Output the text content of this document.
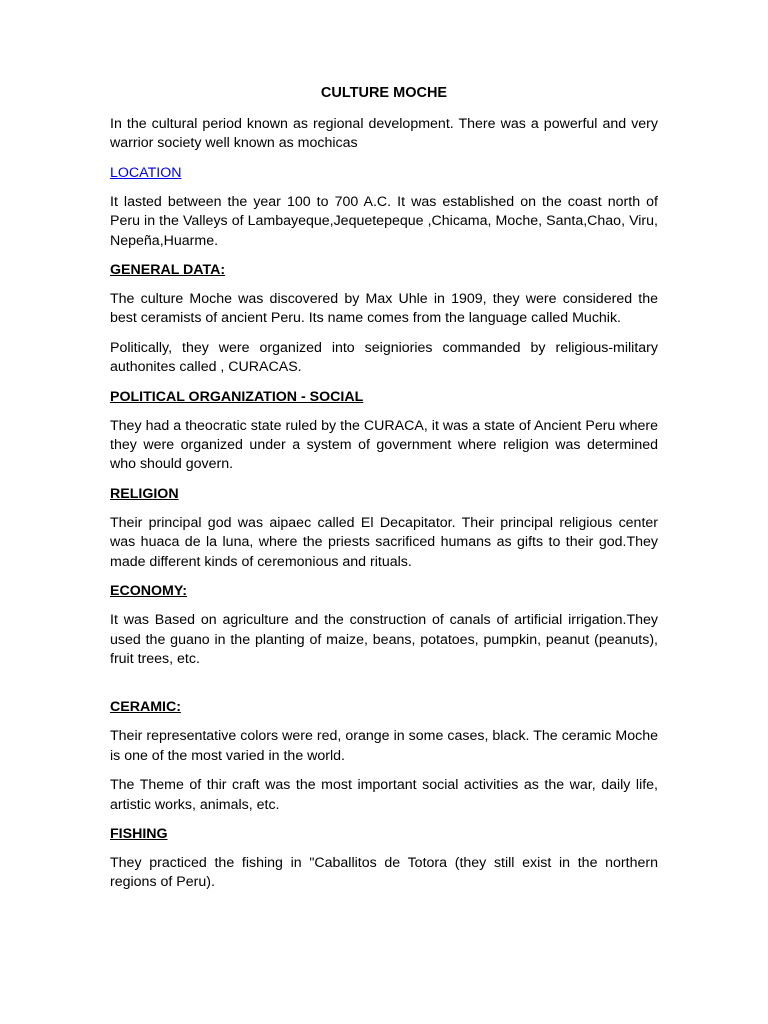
CULTURE MOCHE

In the cultural period known as regional development. There was a powerful and very warrior society well known as mochicas

LOCATION

It lasted between the year 100 to 700 A.C. It was established on the coast north of Peru in the Valleys of Lambayeque,Jequetepeque ,Chicama, Moche, Santa,Chao, Viru, Nepeña,Huarme.

GENERAL DATA:

The culture Moche was discovered by Max Uhle in 1909, they were considered the best ceramists of ancient Peru. Its name comes from the language called Muchik.

Politically, they were organized into seigniories commanded by religious-military authonites called , CURACAS.

POLITICAL ORGANIZATION - SOCIAL

They had a theocratic state ruled by the CURACA, it was a state of Ancient Peru where they were organized under a system of government where religion was determined who should govern.

RELIGION

Their principal god was aipaec called El Decapitator. Their principal religious center was huaca de la luna, where the priests sacrificed humans as gifts to their god.They made different kinds of ceremonious and rituals.

ECONOMY:

It was Based on agriculture and the construction of canals of artificial irrigation.They used the guano in the planting of maize, beans, potatoes, pumpkin, peanut (peanuts), fruit trees, etc.

CERAMIC:

Their representative colors were red, orange in some cases, black. The ceramic Moche is one of the most varied in the world.

The Theme of thir craft was the most important social activities as the war, daily life, artistic works, animals, etc.

FISHING

They practiced the fishing in "Caballitos de Totora (they still exist in the northern regions of Peru).
